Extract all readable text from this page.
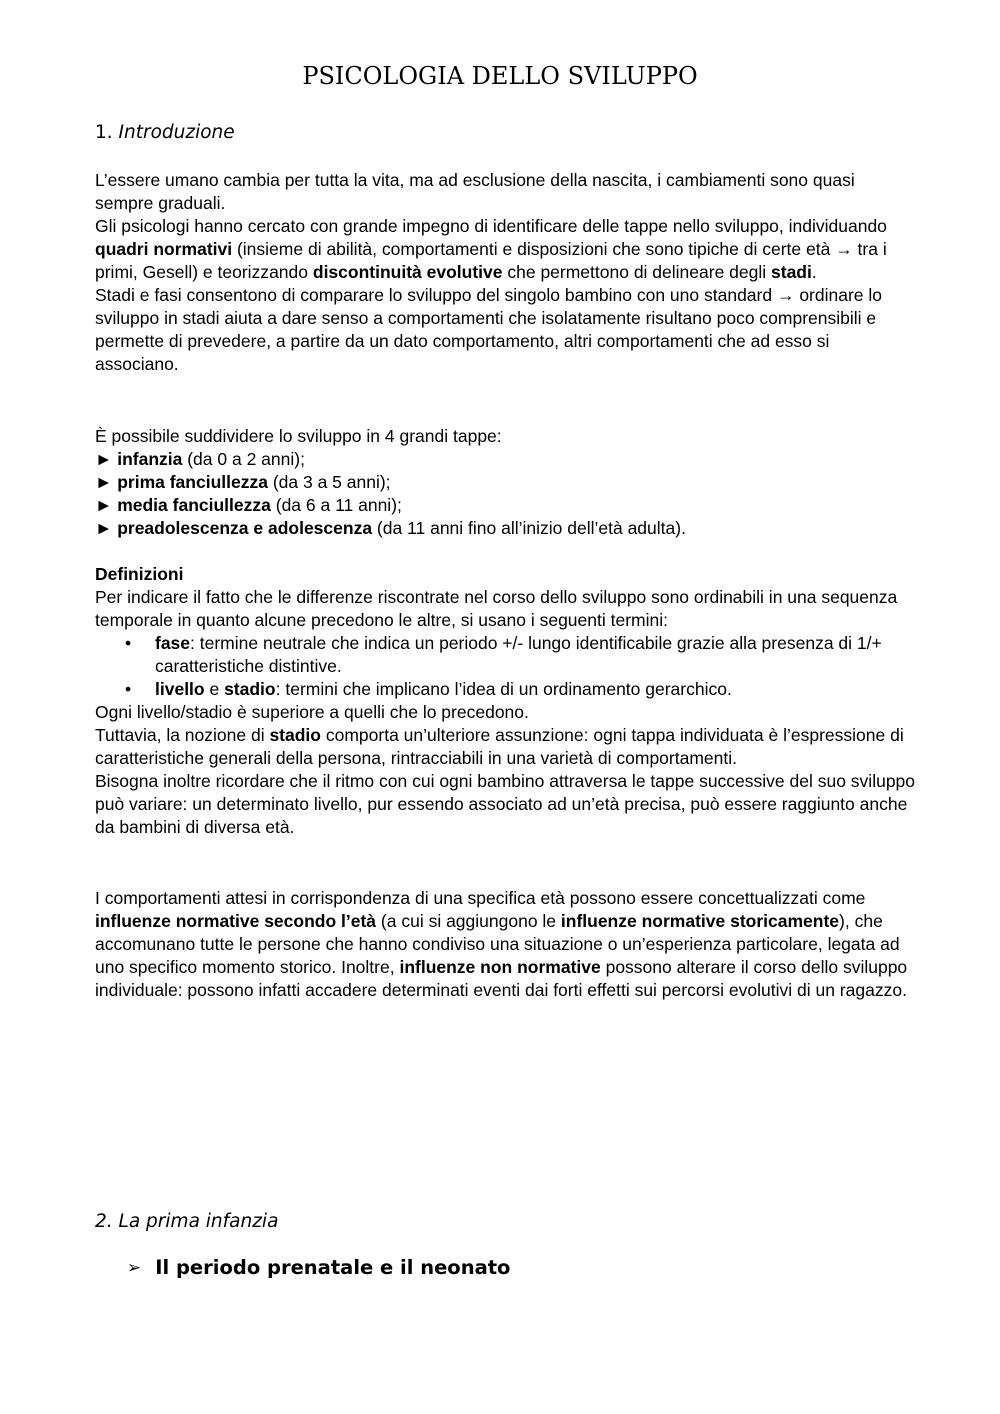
PSICOLOGIA DELLO SVILUPPO
1. Introduzione

L’essere umano cambia per tutta la vita, ma ad esclusione della nascita, i cambiamenti sono quasi sempre graduali.

Gli psicologi hanno cercato con grande impegno di identificare delle tappe nello sviluppo, individuando quadri normativi (insieme di abilità, comportamenti e disposizioni che sono tipiche di certe età → tra i primi, Gesell) e teorizzando discontinuità evolutive che permettono di delineare degli stadi.

Stadi e fasi consentono di comparare lo sviluppo del singolo bambino con uno standard → ordinare lo sviluppo in stadi aiuta a dare senso a comportamenti che isolatamente risultano poco comprensibili e permette di prevedere, a partire da un dato comportamento, altri comportamenti che ad esso si associano.

È possibile suddividere lo sviluppo in 4 grandi tappe:

► infanzia (da 0 a 2 anni);

► prima fanciullezza (da 3 a 5 anni);

► media fanciullezza (da 6 a 11 anni);

► preadolescenza e adolescenza (da 11 anni fino all’inizio dell’età adulta).

Definizioni

Per indicare il fatto che le differenze riscontrate nel corso dello sviluppo sono ordinabili in una sequenza temporale in quanto alcune precedono le altre, si usano i seguenti termini:

• fase: termine neutrale che indica un periodo +/- lungo identificabile grazie alla presenza di 1/+ caratteristiche distintive.
• livello e stadio: termini che implicano l’idea di un ordinamento gerarchico.

Ogni livello/stadio è superiore a quelli che lo precedono.

Tuttavia, la nozione di stadio comporta un’ulteriore assunzione: ogni tappa individuata è l’espressione di caratteristiche generali della persona, rintracciabili in una varietà di comportamenti.

Bisogna inoltre ricordare che il ritmo con cui ogni bambino attraversa le tappe successive del suo sviluppo può variare: un determinato livello, pur essendo associato ad un’età precisa, può essere raggiunto anche da bambini di diversa età.

I comportamenti attesi in corrispondenza di una specifica età possono essere concettualizzati come influenze normative secondo l’età (a cui si aggiungono le influenze normative storicamente), che accomunano tutte le persone che hanno condiviso una situazione o un’esperienza particolare, legata ad uno specifico momento storico. Inoltre, influenze non normative possono alterare il corso dello sviluppo individuale: possono infatti accadere determinati eventi dai forti effetti sui percorsi evolutivi di un ragazzo.

2. La prima infanzia
➢ Il periodo prenatale e il neonato
